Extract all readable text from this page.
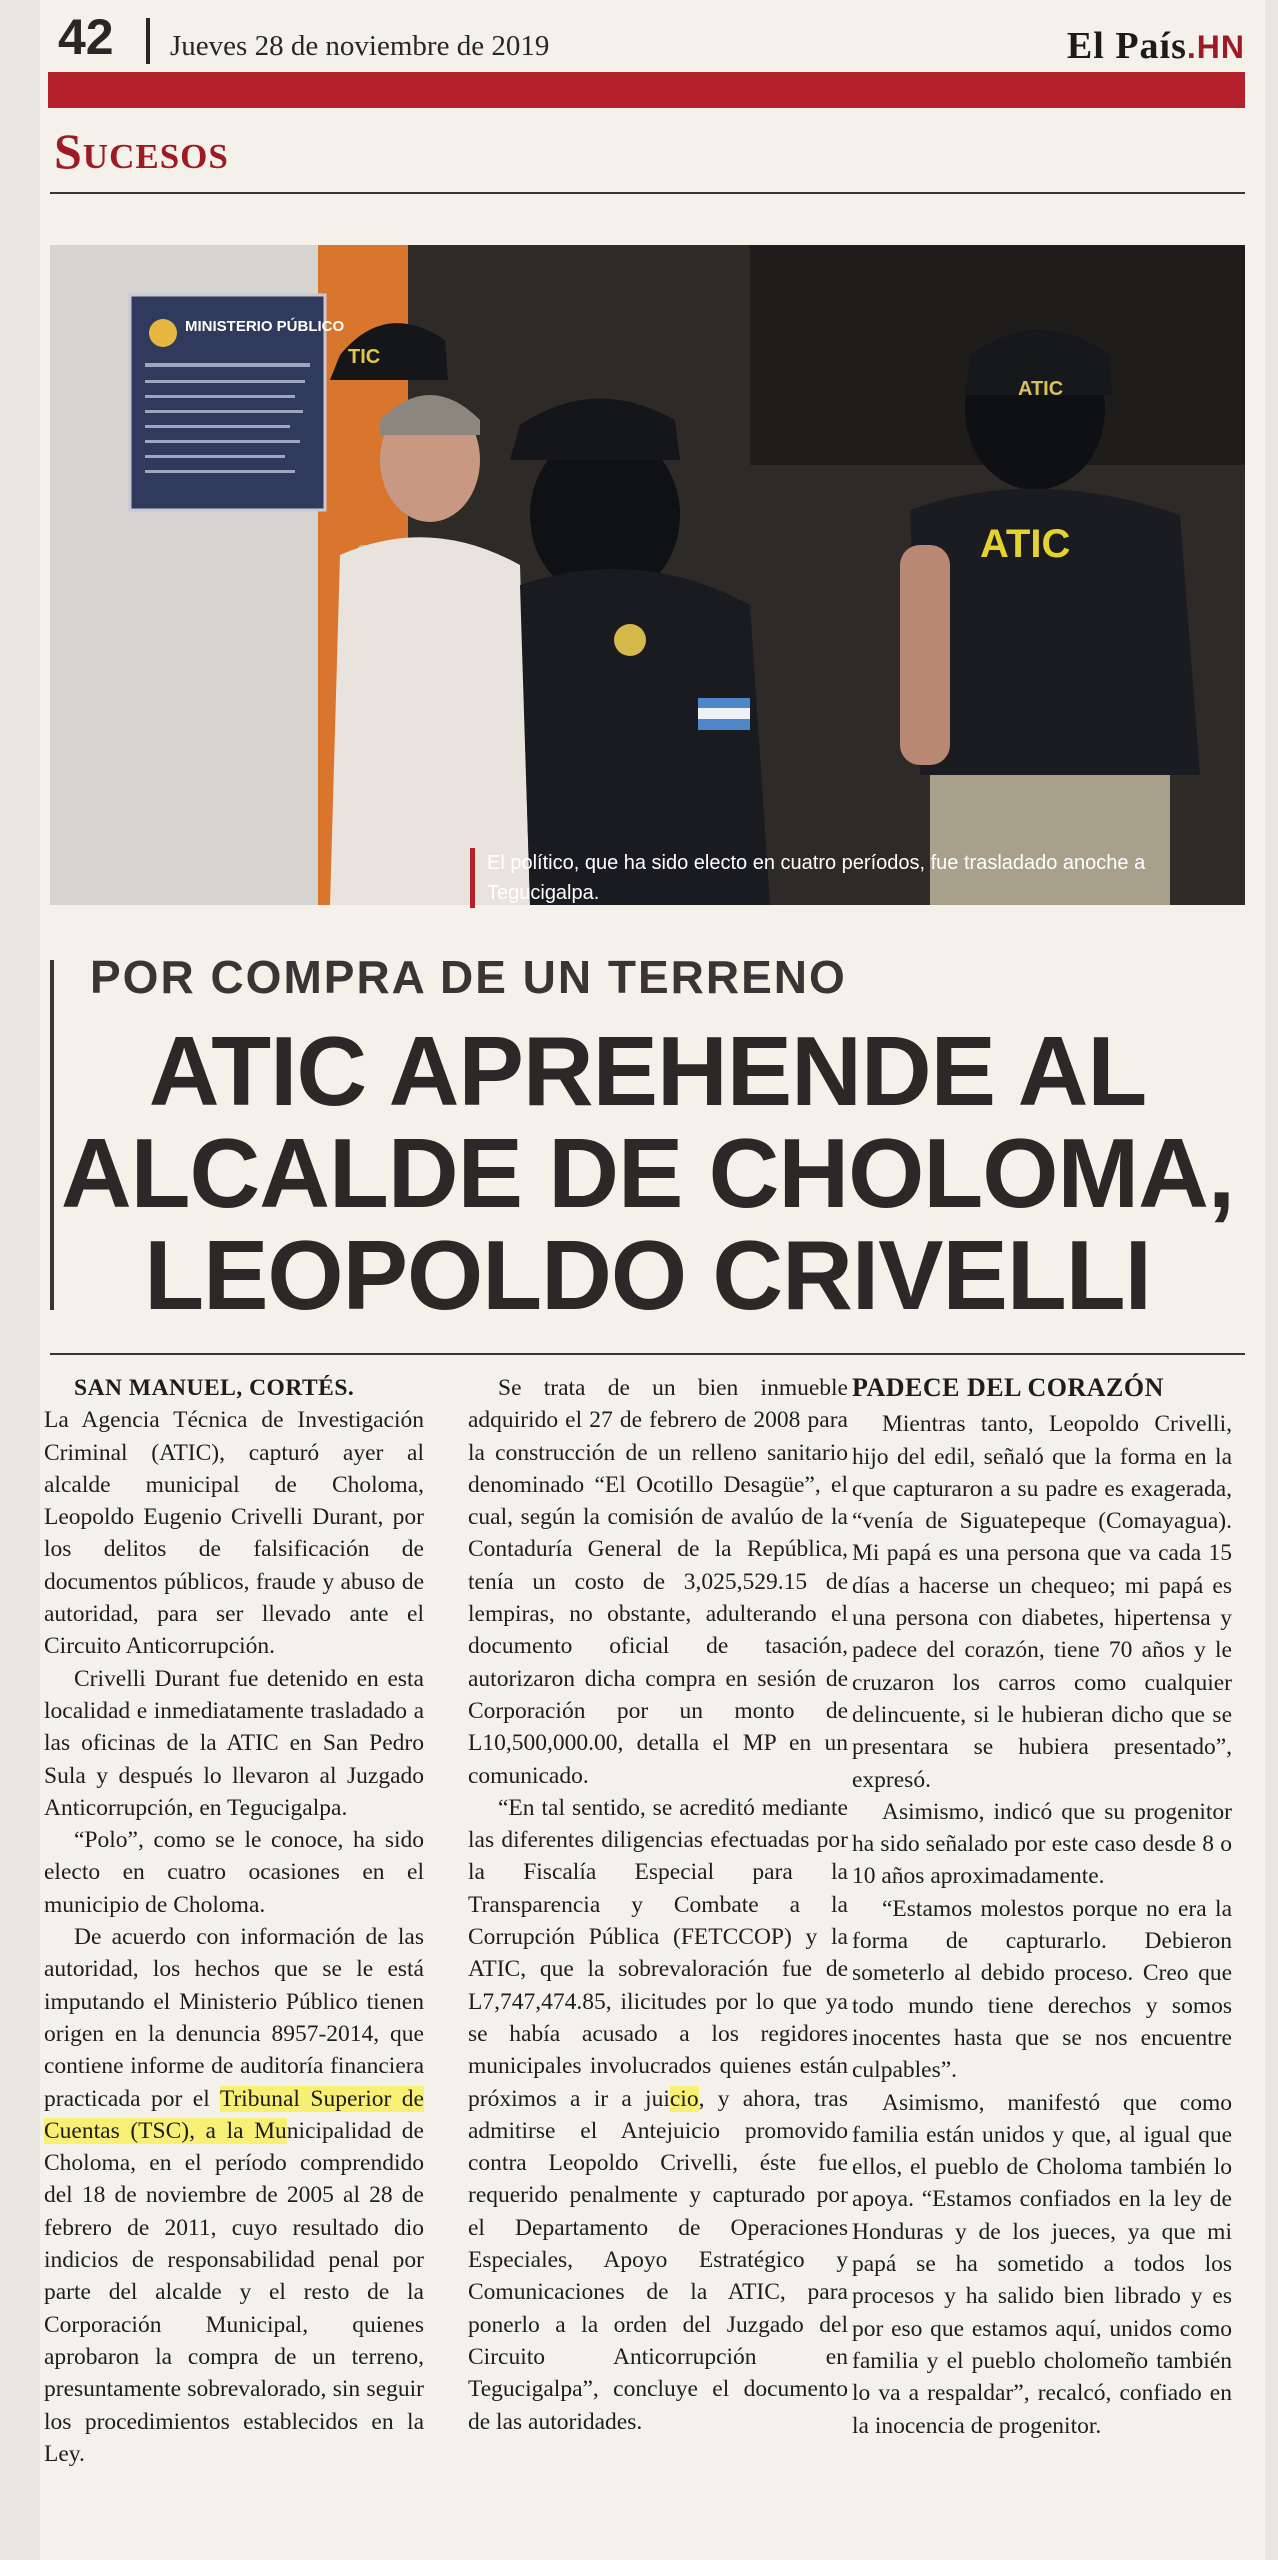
42 Jueves 28 de noviembre de 2019	El País.HN
Sucesos
MINISTERIO PÚBLICO
TIC
ATIC
ATIC
El político, que ha sido electo en cuatro períodos, fue trasladado anoche a Tegucigalpa.
POR COMPRA DE UN TERRENO
ATIC APREHENDE AL
ALCALDE DE CHOLOMA,
LEOPOLDO CRIVELLI

SAN MANUEL, CORTÉS.

La Agencia Técnica de Investigación Criminal (ATIC), capturó ayer al alcalde municipal de Choloma, Leopoldo Eugenio Crivelli Durant, por los delitos de falsificación de documentos públicos, fraude y abuso de autoridad, para ser llevado ante el Circuito Anticorrupción.

Crivelli Durant fue detenido en esta localidad e inmediatamente trasladado a las oficinas de la ATIC en San Pedro Sula y después lo llevaron al Juzgado Anticorrupción, en Tegucigalpa.

“Polo”, como se le conoce, ha sido electo en cuatro ocasiones en el municipio de Choloma.

De acuerdo con información de las autoridad, los hechos que se le está imputando el Ministerio Público tienen origen en la denuncia 8957-2014, que contiene informe de auditoría financiera practicada por el Tribunal Superior de Cuentas (TSC), a la Municipalidad de Choloma, en el período comprendido del 18 de noviembre de 2005 al 28 de febrero de 2011, cuyo resultado dio indicios de responsabilidad penal por parte del alcalde y el resto de la Corporación Municipal, quienes aprobaron la compra de un terreno, presuntamente sobrevalorado, sin seguir los procedimientos establecidos en la Ley.

Se trata de un bien inmueble adquirido el 27 de febrero de 2008 para la construcción de un relleno sanitario denominado “El Ocotillo Desagüe”, el cual, según la comisión de avalúo de la Contaduría General de la República, tenía un costo de 3,025,529.15 de lempiras, no obstante, adulterando el documento oficial de tasación, autorizaron dicha compra en sesión de Corporación por un monto de L10,500,000.00, detalla el MP en un comunicado.

“En tal sentido, se acreditó mediante las diferentes diligencias efectuadas por la Fiscalía Especial para la Transparencia y Combate a la Corrupción Pública (FETCCOP) y la ATIC, que la sobrevaloración fue de L7,747,474.85, ilicitudes por lo que ya se había acusado a los regidores municipales involucrados quienes están próximos a ir a juicio, y ahora, tras admitirse el Antejuicio promovido contra Leopoldo Crivelli, éste fue requerido penalmente y capturado por el Departamento de Operaciones Especiales, Apoyo Estratégico y Comunicaciones de la ATIC, para ponerlo a la orden del Juzgado del Circuito Anticorrupción en Tegucigalpa”, concluye el documento de las autoridades.

PADECE DEL CORAZÓN

Mientras tanto, Leopoldo Crivelli, hijo del edil, señaló que la forma en la que capturaron a su padre es exagerada, “venía de Siguatepeque (Comayagua). Mi papá es una persona que va cada 15 días a hacerse un chequeo; mi papá es una persona con diabetes, hipertensa y padece del corazón, tiene 70 años y le cruzaron los carros como cualquier delincuente, si le hubieran dicho que se presentara se hubiera presentado”, expresó.

Asimismo, indicó que su progenitor ha sido señalado por este caso desde 8 o 10 años aproximadamente.

“Estamos molestos porque no era la forma de capturarlo. Debieron someterlo al debido proceso. Creo que todo mundo tiene derechos y somos inocentes hasta que se nos encuentre culpables”.

Asimismo, manifestó que como familia están unidos y que, al igual que ellos, el pueblo de Choloma también lo apoya. “Estamos confiados en la ley de Honduras y de los jueces, ya que mi papá se ha sometido a todos los procesos y ha salido bien librado y es por eso que estamos aquí, unidos como familia y el pueblo cholomeño también lo va a respaldar”, recalcó, confiado en la inocencia de progenitor.
